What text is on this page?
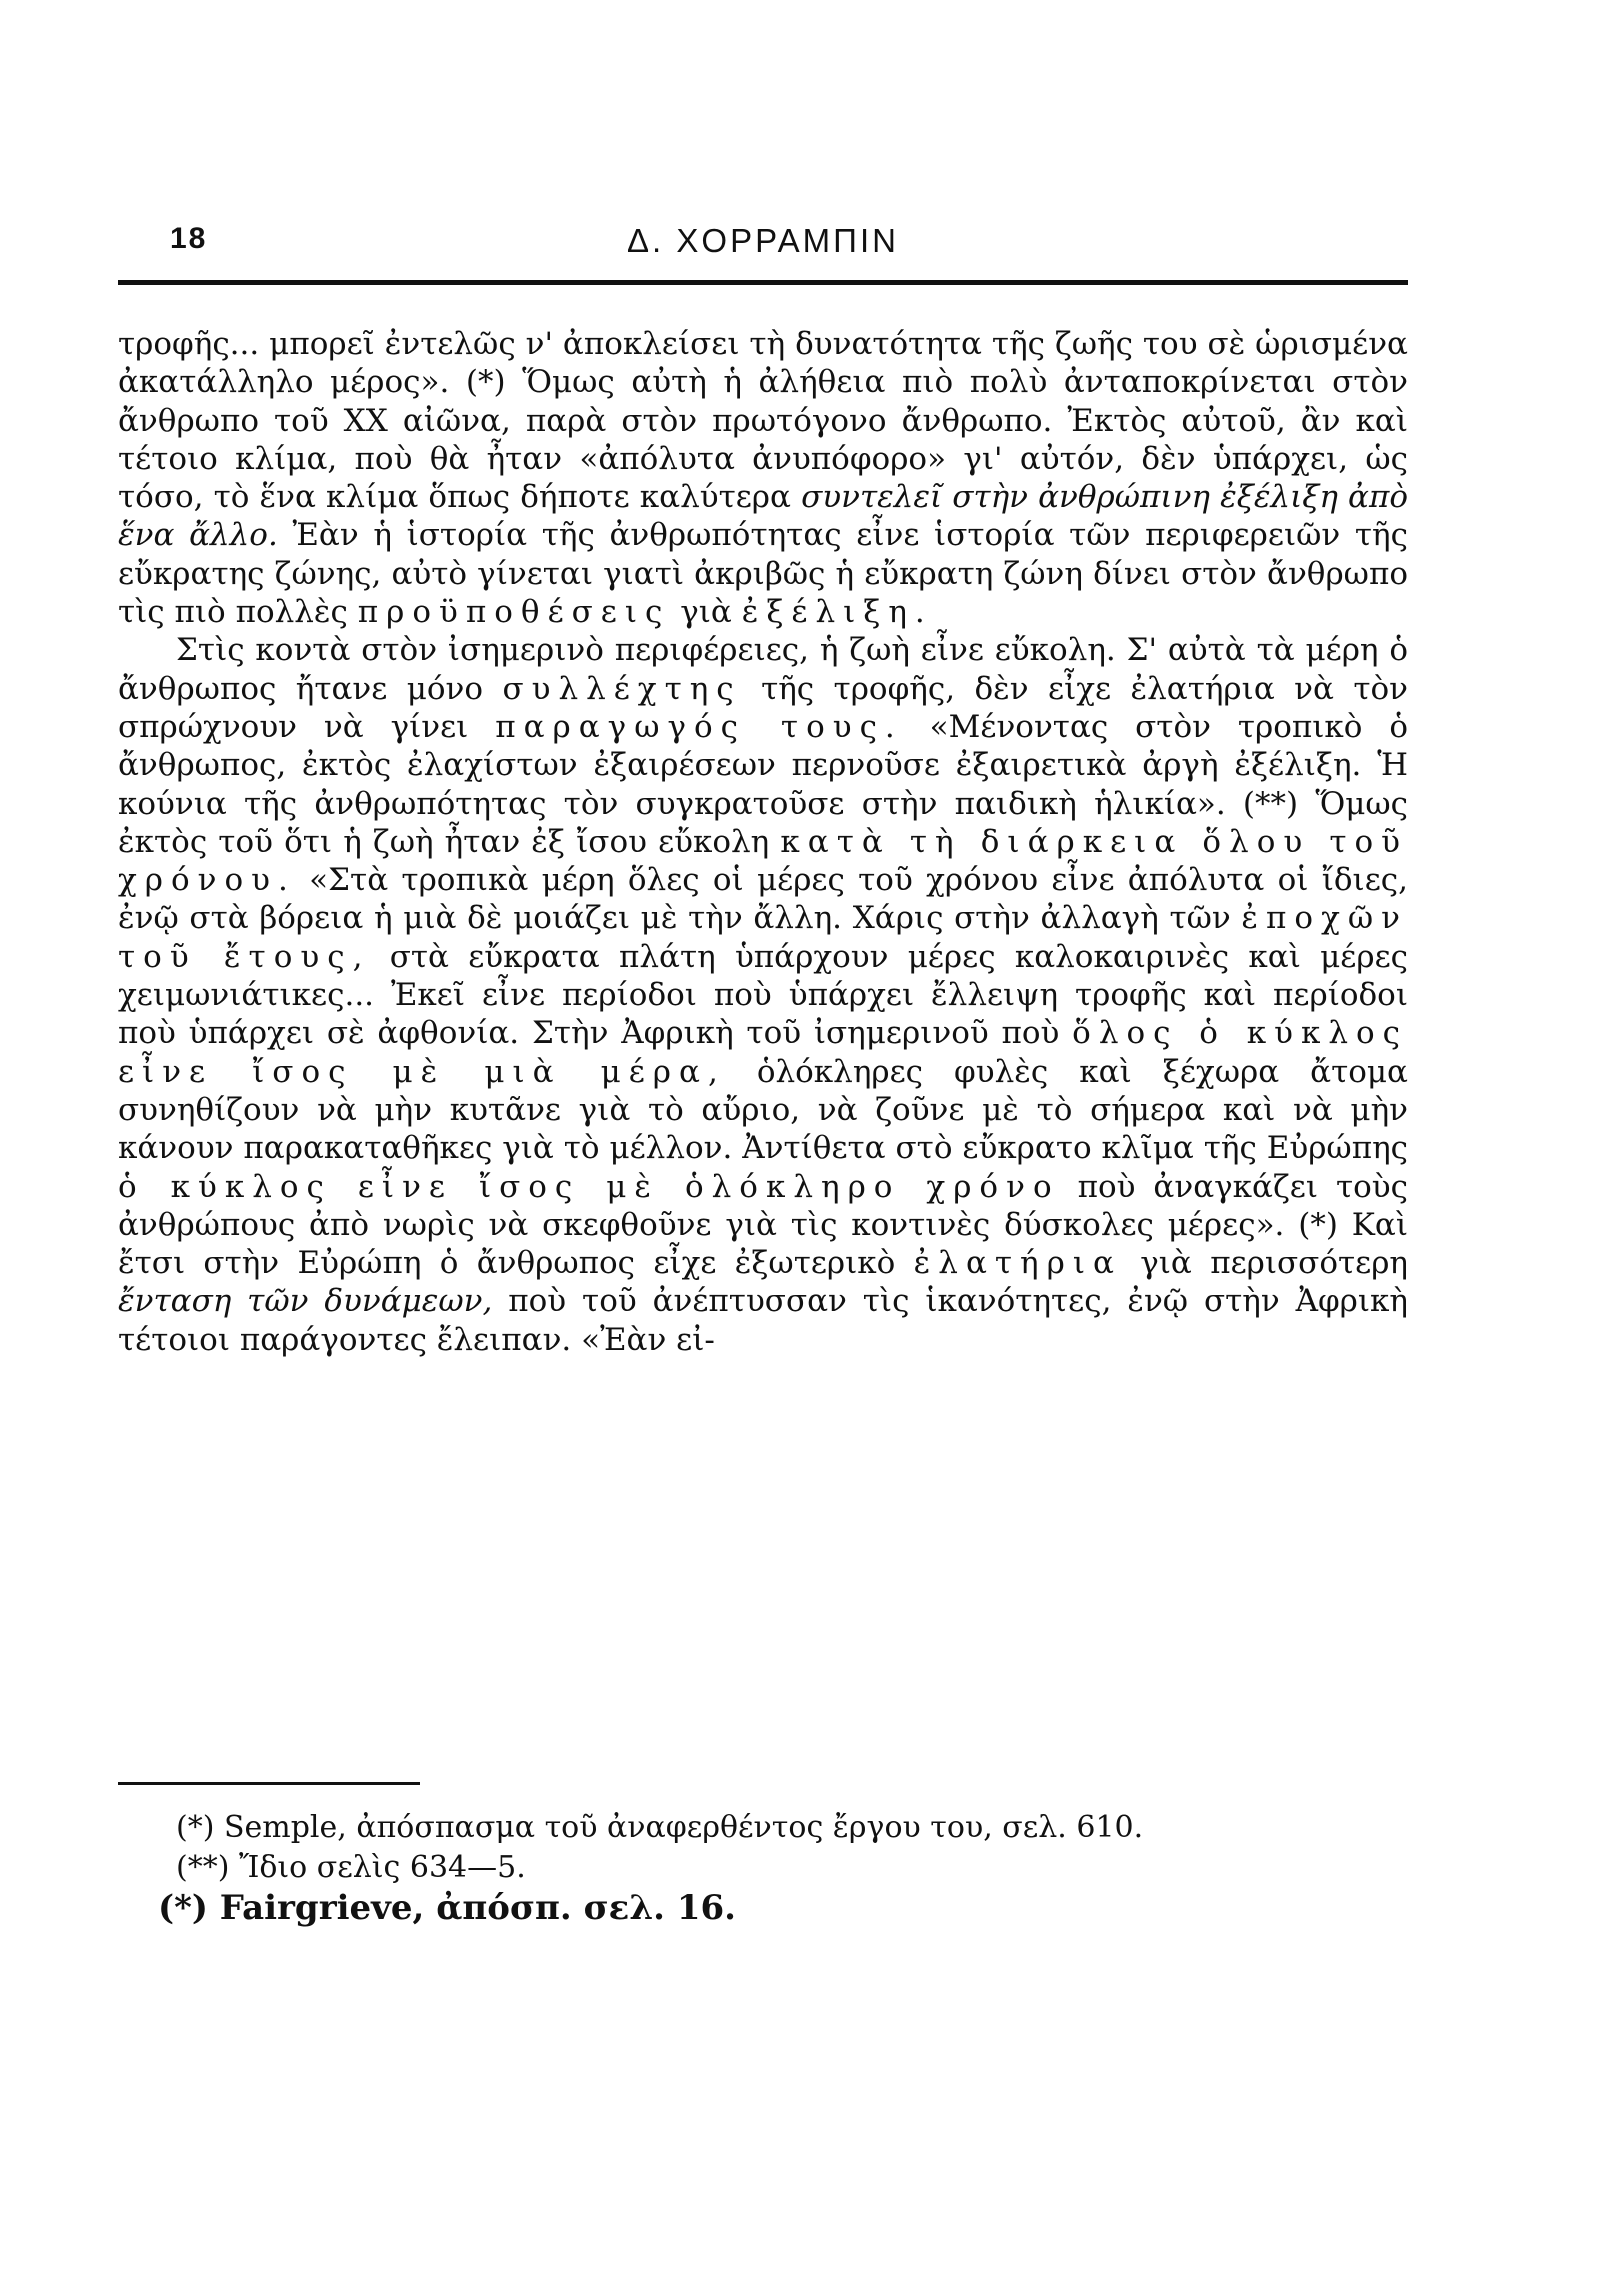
18	Δ. ΧΟΡΡΑΜΠΙΝ

τροφῆς... μπορεῖ ἐντελῶς ν' ἀποκλείσει τὴ δυνατότητα τῆς ζωῆς του σὲ ὡρισμένα ἀκατάλληλο μέρος». (*) Ὅμως αὐτὴ ἡ ἀλήθεια πιὸ πολὺ ἀνταποκρίνεται στὸν ἄνθρωπο τοῦ ΧΧ αἰῶνα, παρὰ στὸν πρωτόγονο ἄνθρωπο. Ἐκτὸς αὐτοῦ, ἂν καὶ τέτοιο κλίμα, ποὺ θὰ ἦταν «ἀπόλυτα ἀνυπόφορο» γι' αὐτόν, δὲν ὑπάρχει, ὡς τόσο, τὸ ἕνα κλίμα ὅπως δήποτε καλύτερα συντελεῖ στὴν ἀνθρώπινη ἐξέλιξη ἀπὸ ἕνα ἄλλο. Ἐὰν ἡ ἱστορία τῆς ἀνθρωπότητας εἶνε ἱστορία τῶν περιφερειῶν τῆς εὔκρατης ζώνης, αὐτὸ γίνεται γιατὶ ἀκριβῶς ἡ εὔκρατη ζώνη δίνει στὸν ἄνθρωπο τὶς πιὸ πολλὲς προϋποθέσεις γιὰ ἐξέλιξη.

Στὶς κοντὰ στὸν ἰσημερινὸ περιφέρειες, ἡ ζωὴ εἶνε εὔκολη. Σ' αὐτὰ τὰ μέρη ὁ ἄνθρωπος ἤτανε μόνο συλλέχτης τῆς τροφῆς, δὲν εἶχε ἐλατήρια νὰ τὸν σπρώχνουν νὰ γίνει παραγωγός τους. «Μένοντας στὸν τροπικὸ ὁ ἄνθρωπος, ἐκτὸς ἐλαχίστων ἐξαιρέσεων περνοῦσε ἐξαιρετικὰ ἀργὴ ἐξέλιξη. Ἡ κούνια τῆς ἀνθρωπότητας τὸν συγκρατοῦσε στὴν παιδικὴ ἡλικία». (**) Ὅμως ἐκτὸς τοῦ ὅτι ἡ ζωὴ ἦταν ἐξ ἴσου εὔκολη κατὰ τὴ διάρκεια ὅλου τοῦ χρόνου. «Στὰ τροπικὰ μέρη ὅλες οἱ μέρες τοῦ χρόνου εἶνε ἀπόλυτα οἱ ἴδιες, ἐνῷ στὰ βόρεια ἡ μιὰ δὲ μοιάζει μὲ τὴν ἄλλη. Χάρις στὴν ἀλλαγὴ τῶν ἐποχῶν τοῦ ἔτους, στὰ εὔκρατα πλάτη ὑπάρχουν μέρες καλοκαιρινὲς καὶ μέρες χειμωνιάτικες... Ἐκεῖ εἶνε περίοδοι ποὺ ὑπάρχει ἔλλειψη τροφῆς καὶ περίοδοι ποὺ ὑπάρχει σὲ ἀφθονία. Στὴν Ἀφρικὴ τοῦ ἰσημερινοῦ ποὺ ὅλος ὁ κύκλος εἶνε ἴσος μὲ μιὰ μέρα, ὁλόκληρες φυλὲς καὶ ξέχωρα ἄτομα συνηθίζουν νὰ μὴν κυτᾶνε γιὰ τὸ αὔριο, νὰ ζοῦνε μὲ τὸ σήμερα καὶ νὰ μὴν κάνουν παρακαταθῆκες γιὰ τὸ μέλλον. Ἀντίθετα στὸ εὔκρατο κλῖμα τῆς Εὐρώπης ὁ κύκλος εἶνε ἴσος μὲ ὁλόκληρο χρόνο ποὺ ἀναγκάζει τοὺς ἀνθρώπους ἀπὸ νωρὶς νὰ σκεφθοῦνε γιὰ τὶς κοντινὲς δύσκολες μέρες». (*) Καὶ ἔτσι στὴν Εὐρώπη ὁ ἄνθρωπος εἶχε ἐξωτερικὸ ἐλατήρια γιὰ περισσότερη ἔνταση τῶν δυνάμεων, ποὺ τοῦ ἀνέπτυσσαν τὶς ἱκανότητες, ἐνῷ στὴν Ἀφρικὴ τέτοιοι παράγοντες ἔλειπαν. «Ἐὰν εἰ-

(*) Semple, ἀπόσπασμα τοῦ ἀναφερθέντος ἔργου του, σελ. 610.

(**) Ἴδιο σελὶς 634—5.

(*) Fairgrieve, ἀπόσπ. σελ. 16.
